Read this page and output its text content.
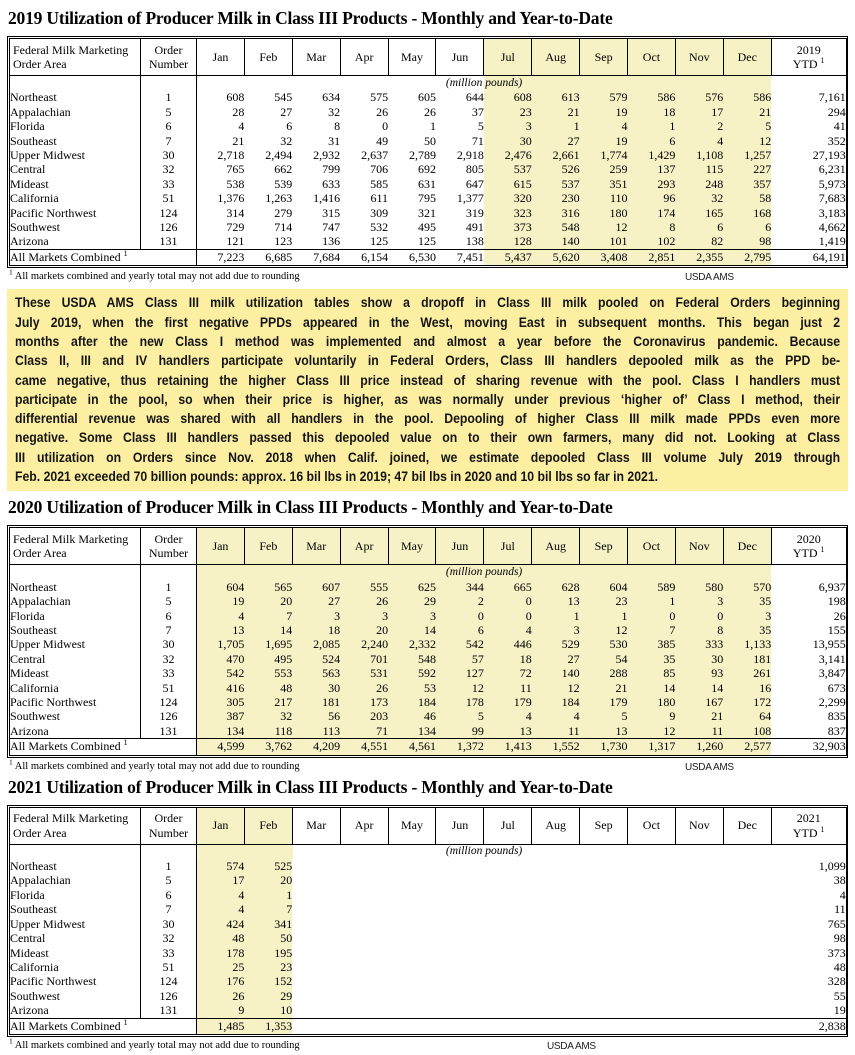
2019 Utilization of Producer Milk in Class III Products - Monthly and Year-to-Date
Federal Milk Marketing
Order Area

Order
Number
	Jan	Feb	Mar	Apr	May	Jun	Jul	Aug	Sep	Oct	Nov	Dec	
2019
YTD $^1$

		(million pounds)												
Northeast	1	608	545	634	575	605	644	608	613	579	586	576	586	7,161
Appalachian	5	28	27	32	26	26	37	23	21	19	18	17	21	294
Florida	6	4	6	8	0	1	5	3	1	4	1	2	5	41
Southeast	7	21	32	31	49	50	71	30	27	19	6	4	12	352
Upper Midwest	30	2,718	2,494	2,932	2,637	2,789	2,918	2,476	2,661	1,774	1,429	1,108	1,257	27,193
Central	32	765	662	799	706	692	805	537	526	259	137	115	227	6,231
Mideast	33	538	539	633	585	631	647	615	537	351	293	248	357	5,973
California	51	1,376	1,263	1,416	611	795	1,377	320	230	110	96	32	58	7,683
Pacific Northwest	124	314	279	315	309	321	319	323	316	180	174	165	168	3,183
Southwest	126	729	714	747	532	495	491	373	548	12	8	6	6	4,662
Arizona	131	121	123	136	125	125	138	128	140	101	102	82	98	1,419
All Markets Combined $^1$		7,223	6,685	7,684	6,154	6,530	7,451	5,437	5,620	3,408	2,851	2,355	2,795	64,191
$^1$ All markets combined and yearly total may not add due to rounding	USDA AMS
These USDA AMS Class III milk utilization tables show a dropoff in Class III milk pooled on Federal Orders beginning
July 2019, when the first negative PPDs appeared in the West, moving East in subsequent months. This began just 2
months after the new Class I method was implemented and almost a year before the Coronavirus pandemic. Because
Class II, III and IV handlers participate voluntarily in Federal Orders, Class III handlers depooled milk as the PPD be-
came negative, thus retaining the higher Class III price instead of sharing revenue with the pool. Class I handlers must
participate in the pool, so when their price is higher, as was normally under previous ‘higher of’ Class I method, their
differential revenue was shared with all handlers in the pool. Depooling of higher Class III milk made PPDs even more
negative. Some Class III handlers passed this depooled value on to their own farmers, many did not. Looking at Class
III utilization on Orders since Nov. 2018 when Calif. joined, we estimate depooled Class III volume July 2019 through
Feb. 2021 exceeded 70 billion pounds: approx. 16 bil lbs in 2019; 47 bil lbs in 2020 and 10 bil lbs so far in 2021.
2020 Utilization of Producer Milk in Class III Products - Monthly and Year-to-Date
Federal Milk Marketing
Order Area

Order
Number
	Jan	Feb	Mar	Apr	May	Jun	Jul	Aug	Sep	Oct	Nov	Dec	
2020
YTD $^1$

		(million pounds)												
Northeast	1	604	565	607	555	625	344	665	628	604	589	580	570	6,937
Appalachian	5	19	20	27	26	29	2	0	13	23	1	3	35	198
Florida	6	4	7	3	3	3	0	0	1	1	0	0	3	26
Southeast	7	13	14	18	20	14	6	4	3	12	7	8	35	155
Upper Midwest	30	1,705	1,695	2,085	2,240	2,332	542	446	529	530	385	333	1,133	13,955
Central	32	470	495	524	701	548	57	18	27	54	35	30	181	3,141
Mideast	33	542	553	563	531	592	127	72	140	288	85	93	261	3,847
California	51	416	48	30	26	53	12	11	12	21	14	14	16	673
Pacific Northwest	124	305	217	181	173	184	178	179	184	179	180	167	172	2,299
Southwest	126	387	32	56	203	46	5	4	4	5	9	21	64	835
Arizona	131	134	118	113	71	134	99	13	11	13	12	11	108	837
All Markets Combined $^1$		4,599	3,762	4,209	4,551	4,561	1,372	1,413	1,552	1,730	1,317	1,260	2,577	32,903
$^1$ All markets combined and yearly total may not add due to rounding	USDA AMS
2021 Utilization of Producer Milk in Class III Products - Monthly and Year-to-Date
Federal Milk Marketing
Order Area

Order
Number
	Jan	Feb	Mar	Apr	May	Jun	Jul	Aug	Sep	Oct	Nov	Dec	
2021
YTD $^1$

		(million pounds)												
Northeast	1	574	525											1,099
Appalachian	5	17	20											38
Florida	6	4	1											4
Southeast	7	4	7											11
Upper Midwest	30	424	341											765
Central	32	48	50											98
Mideast	33	178	195											373
California	51	25	23											48
Pacific Northwest	124	176	152											328
Southwest	126	26	29											55
Arizona	131	9	10											19
All Markets Combined $^1$		1,485	1,353											2,838
$^1$ All markets combined and yearly total may not add due to rounding	USDA AMS
